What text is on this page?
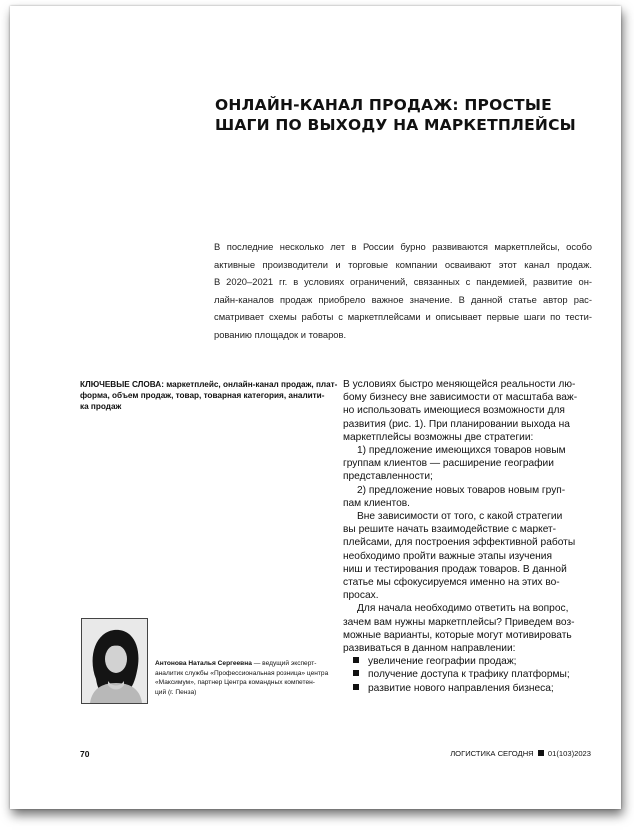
ОНЛАЙН-КАНАЛ ПРОДАЖ: ПРОСТЫЕ
ШАГИ ПО ВЫХОДУ НА МАРКЕТПЛЕЙСЫ
В последние несколько лет в России бурно развиваются маркетплейсы, особо
активные производители и торговые компании осваивают этот канал продаж.
В 2020–2021 гг. в условиях ограничений, связанных с пандемией, развитие он-
лайн-каналов продаж приобрело важное значение. В данной статье автор рас-
сматривает схемы работы с маркетплейсами и описывает первые шаги по тести-
рованию площадок и товаров.
КЛЮЧЕВЫЕ СЛОВА: маркетплейс, онлайн-канал продаж, плат-
форма, объем продаж, товар, товарная категория, аналити-
ка продаж
В условиях быстро меняющейся реальности лю-
бому бизнесу вне зависимости от масштаба важ-
но использовать имеющиеся возможности для
развития (рис. 1). При планировании выхода на
маркетплейсы возможны две стратегии:
1) предложение имеющихся товаров новым
группам клиентов — расширение географии
представленности;
2) предложение новых товаров новым груп-
пам клиентов.
Вне зависимости от того, с какой стратегии
вы решите начать взаимодействие с маркет-
плейсами, для построения эффективной работы
необходимо пройти важные этапы изучения
ниш и тестирования продаж товаров. В данной
статье мы сфокусируемся именно на этих во-
просах.
Для начала необходимо ответить на вопрос,
зачем вам нужны маркетплейсы? Приведем воз-
можные варианты, которые могут мотивировать
развиваться в данном направлении:
увеличение географии продаж;
получение доступа к трафику платформы;
развитие нового направления бизнеса;
Антонова Наталья Сергеевна — ведущий эксперт-
аналитик службы «Профессиональная розница» центра
«Максимум», партнер Центра командных компетен-
ций (г. Пенза)
70	ЛОГИСТИКА СЕГОДНЯ 01(103)2023
